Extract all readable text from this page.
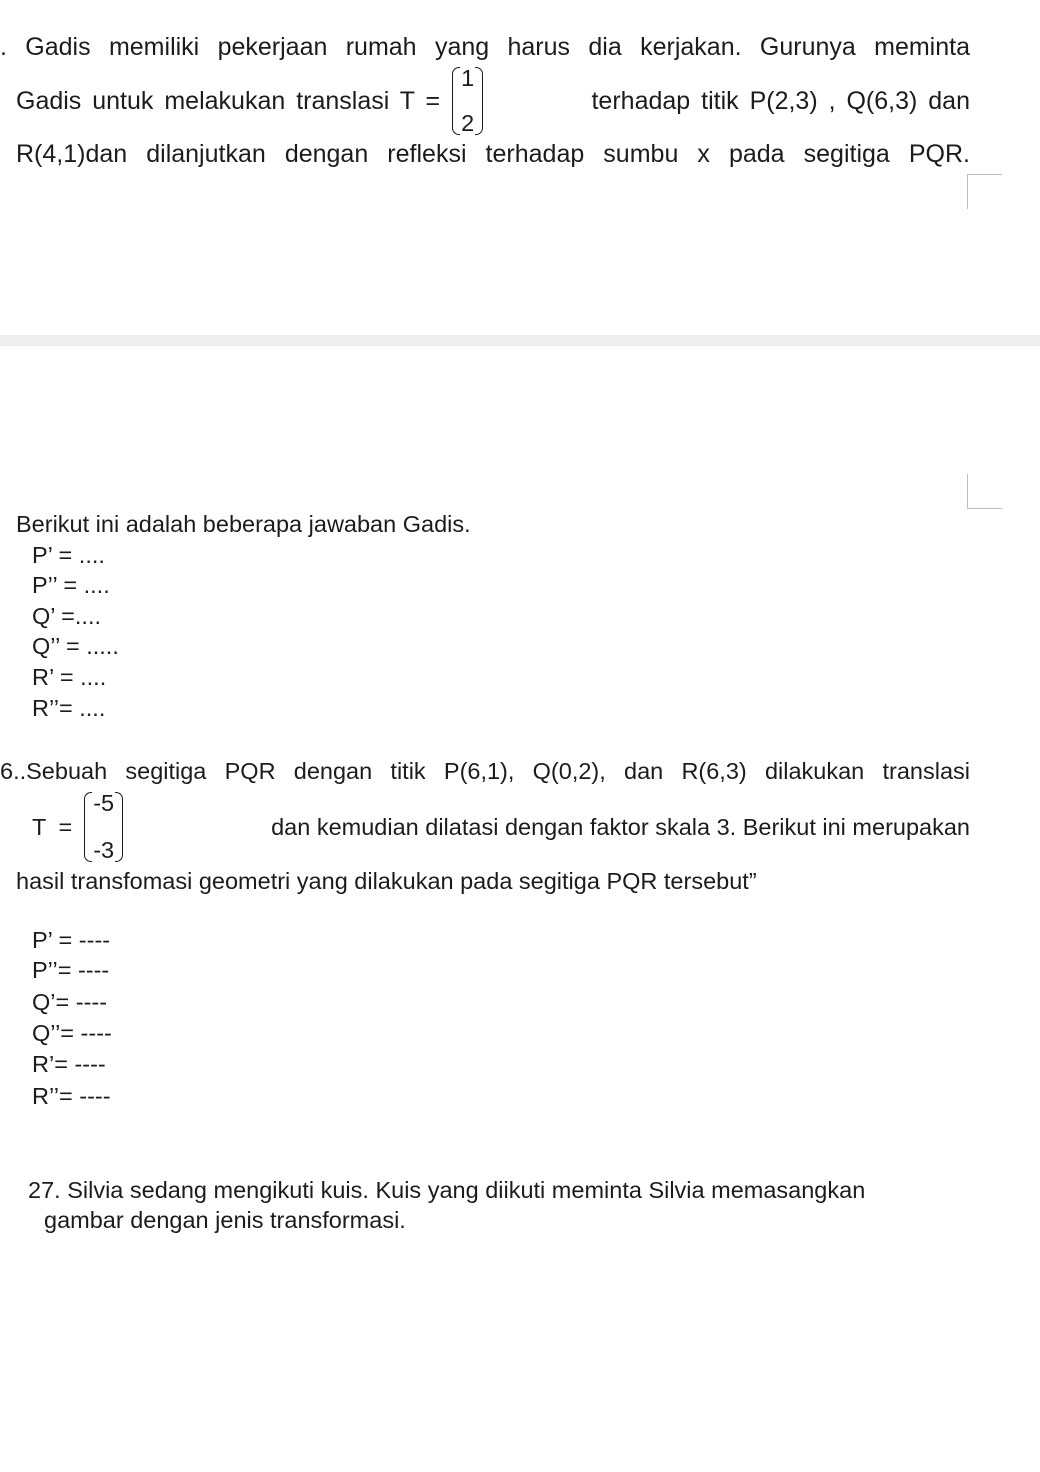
. Gadis memiliki pekerjaan rumah yang harus dia kerjakan. Gurunya meminta
Gadis untuk melakukan translasi T =
1
2
terhadap titik P(2,3) , Q(6,3) dan
R(4,1)dan dilanjutkan dengan refleksi terhadap sumbu x pada segitiga PQR.
Berikut ini adalah beberapa jawaban Gadis.
P’ = ....
P’’ = ....
Q’ =....
Q’’ = .....
R’ = ....
R’’= ....
6..Sebuah segitiga PQR dengan titik P(6,1), Q(0,2), dan R(6,3) dilakukan translasi
T =
-5
-3
dan kemudian dilatasi dengan faktor skala 3. Berikut ini merupakan
hasil transfomasi geometri yang dilakukan pada segitiga PQR tersebut”
P’ = ----
P’’= ----
Q’= ----
Q’’= ----
R’= ----
R’’= ----
27. Silvia sedang mengikuti kuis. Kuis yang diikuti meminta Silvia memasangkan
gambar dengan jenis transformasi.
